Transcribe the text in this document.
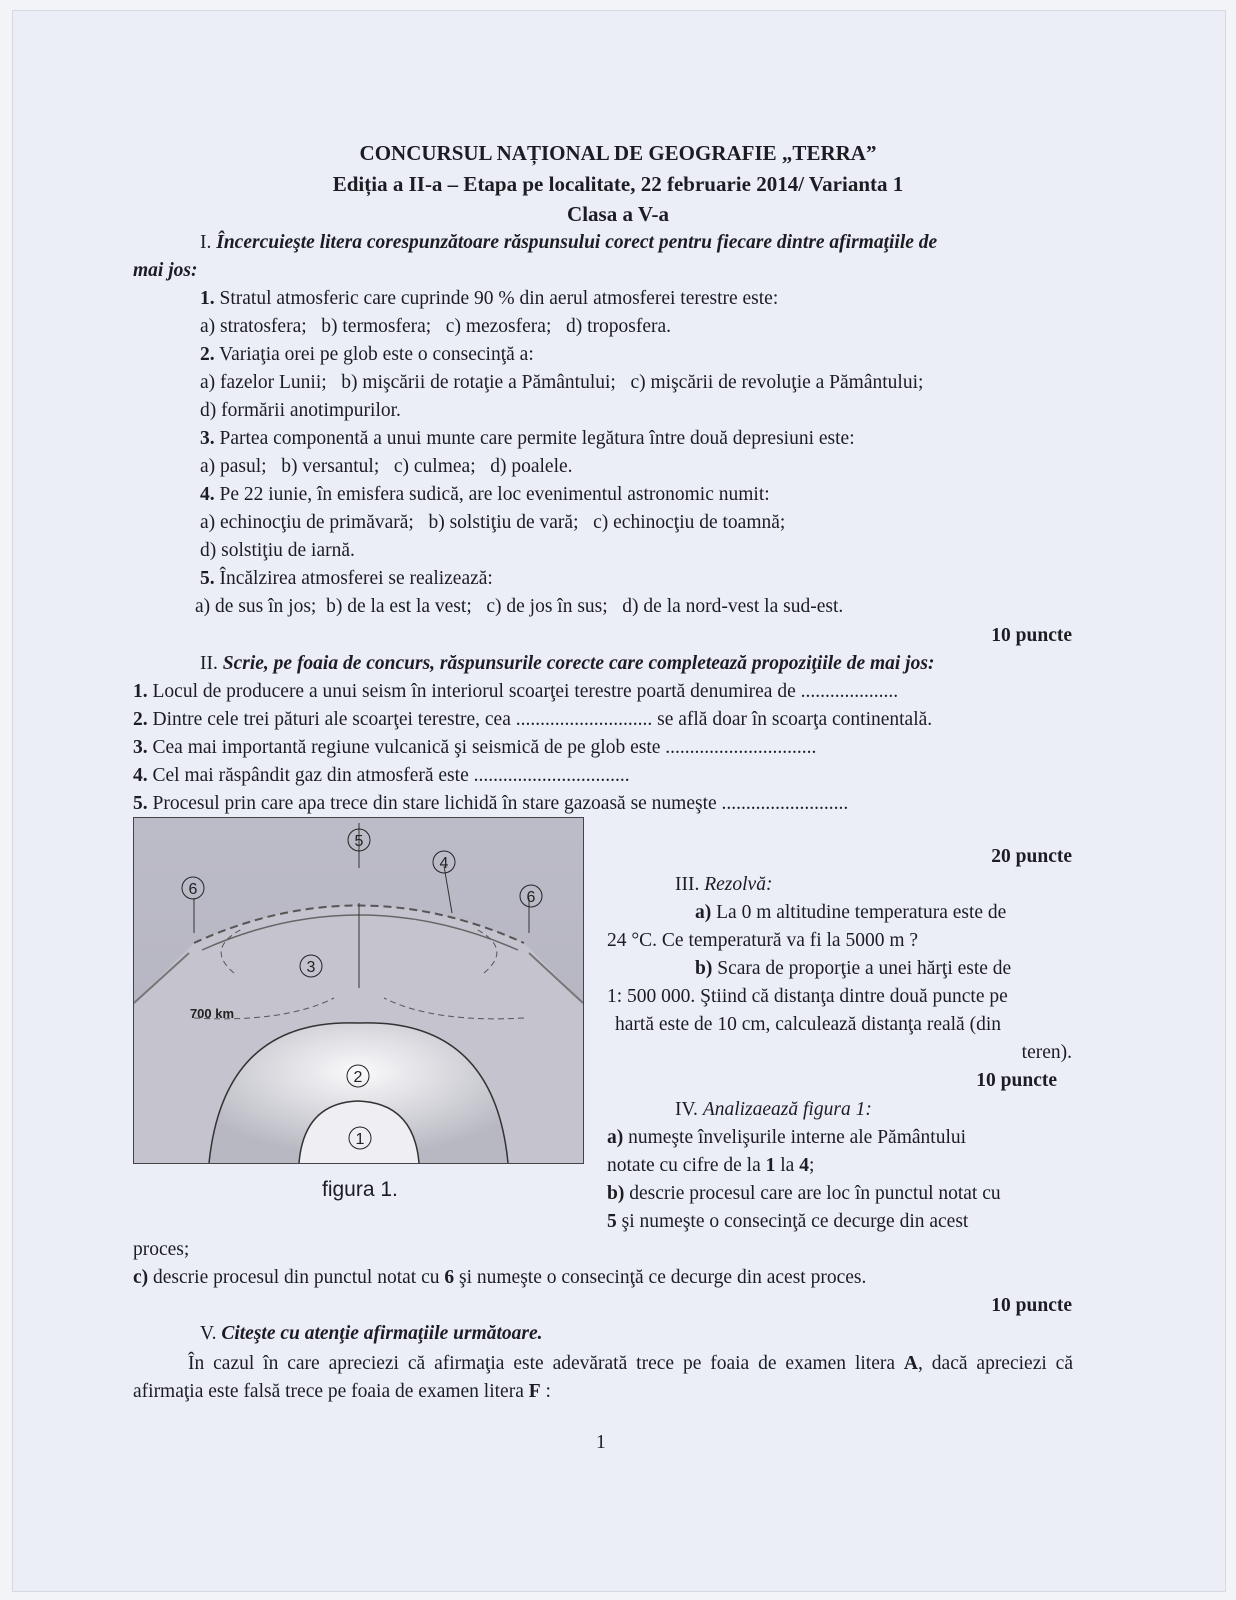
CONCURSUL NAȚIONAL DE GEOGRAFIE „TERRA”
Ediția a II-a – Etapa pe localitate, 22 februarie 2014/ Varianta 1
Clasa a V-a
I. Încercuieşte litera corespunzătoare răspunsului corect pentru fiecare dintre afirmaţiile de
mai jos:
1. Stratul atmosferic care cuprinde 90 % din aerul atmosferei terestre este:
a) stratosfera;   b) termosfera;   c) mezosfera;   d) troposfera.
2. Variaţia orei pe glob este o consecinţă a:
a) fazelor Lunii;   b) mişcării de rotaţie a Pământului;   c) mişcării de revoluţie a Pământului;
d) formării anotimpurilor.
3. Partea componentă a unui munte care permite legătura între două depresiuni este:
a) pasul;   b) versantul;   c) culmea;   d) poalele.
4. Pe 22 iunie, în emisfera sudică, are loc evenimentul astronomic numit:
a) echinocţiu de primăvară;   b) solstiţiu de vară;   c) echinocţiu de toamnă;
d) solstiţiu de iarnă.
5. Încălzirea atmosferei se realizează:
a) de sus în jos;  b) de la est la vest;   c) de jos în sus;   d) de la nord-vest la sud-est.
10 puncte
II. Scrie, pe foaia de concurs, răspunsurile corecte care completează propoziţiile de mai jos:
1. Locul de producere a unui seism în interiorul scoarţei terestre poartă denumirea de ....................
2. Dintre cele trei pături ale scoarţei terestre, cea ............................ se află doar în scoarţa continentală.
3. Cea mai importantă regiune vulcanică şi seismică de pe glob este ...............................
4. Cel mai răspândit gaz din atmosferă este ................................
5. Procesul prin care apa trece din stare lichidă în stare gazoasă se numeşte ..........................
5
4
6	6
3
2
1
700 km
figura 1.
20 puncte
III. Rezolvă:
a) La 0 m altitudine temperatura este de
24 °C. Ce temperatură va fi la 5000 m ?
b) Scara de proporţie a unei hărţi este de
1: 500 000. Ştiind că distanţa dintre două puncte pe
hartă este de 10 cm, calculează distanţa reală (din
teren).
10 puncte
IV. Analizaează figura 1:
a) numeşte învelişurile interne ale Pământului
notate cu cifre de la 1 la 4;
b) descrie procesul care are loc în punctul notat cu
5 şi numeşte o consecinţă ce decurge din acest
proces;
c) descrie procesul din punctul notat cu 6 şi numeşte o consecinţă ce decurge din acest proces.
10 puncte
V. Citeşte cu atenţie afirmaţiile următoare.
În cazul în care apreciezi că afirmaţia este adevărată trece pe foaia de examen litera A, dacă apreciezi că afirmaţia este falsă trece pe foaia de examen litera F :
1
